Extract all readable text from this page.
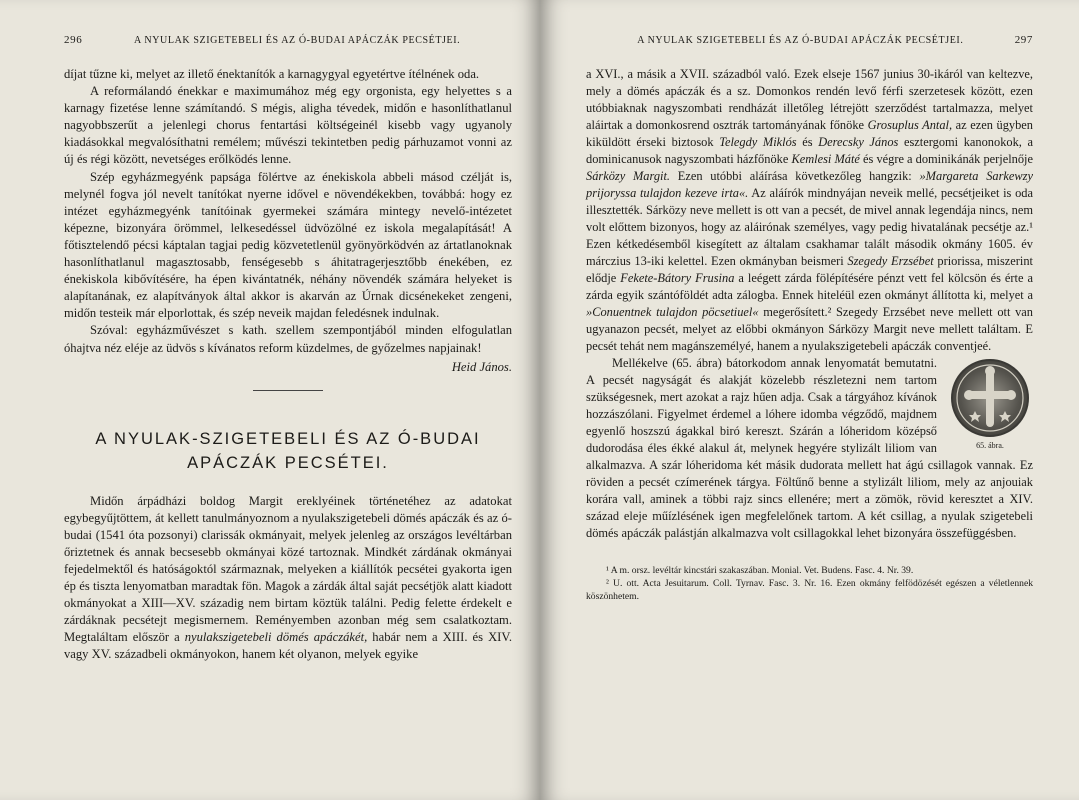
296	A NYULAK SZIGETEBELI ÉS AZ Ó-BUDAI APÁCZÁK PECSÉTJEI.

díjat tűzne ki, melyet az illető énektanítók a karnagygyal egyetértve ítélnének oda.

A reformálandó énekkar e maximumához még egy orgonista, egy helyettes s a karnagy fizetése lenne számítandó. S mégis, aligha tévedek, midőn e hasonlíthatlanul nagyobbszerűt a jelenlegi chorus fentartási költségeinél kisebb vagy ugyanoly kiadásokkal megvalósíthatni remélem; művészi tekintetben pedig párhuzamot vonni az új és régi között, nevetséges erőlködés lenne.

Szép egyházmegyénk papsága fölértve az énekiskola abbeli másod czélját is, melynél fogva jól nevelt tanítókat nyerne idővel e növendékekben, továbbá: hogy ez intézet egyházmegyénk tanítóinak gyermekei számára mintegy nevelő-intézetet képezne, bizonyára örömmel, lelkesedéssel üdvözölné ez iskola megalapítását! A főtisztelendő pécsi káptalan tagjai pedig közvetetlenül gyönyörködvén az ártatlanoknak hasonlíthatlanul magasztosabb, fenségesebb s áhitatragerjesztőbb énekében, ez énekiskola kibővítésére, ha épen kivántatnék, néhány növendék számára helyeket is alapítanának, ez alapítványok által akkor is akarván az Úrnak dicsénekeket zengeni, midőn testeik már elporlottak, és szép neveik majdan feledésnek indulnak.

Szóval: egyházművészet s kath. szellem szempontjából minden elfogulatlan óhajtva néz eléje az üdvös s kívánatos reform küzdelmes, de győzelmes napjainak!

Heid János.
A NYULAK-SZIGETEBELI ÉS AZ Ó-BUDAI
APÁCZÁK PECSÉTEI.

Midőn árpádházi boldog Margit ereklyéinek történetéhez az adatokat egybegyűjtöttem, át kellett tanulmányoznom a nyulakszigetebeli dömés apáczák és az ó-budai (1541 óta pozsonyi) clarissák okmányait, melyek jelenleg az országos levéltárban őriztetnek és annak becsesebb okmányai közé tartoznak. Mindkét zárdának okmányai fejedelmektől és hatóságoktól származnak, melyeken a kiállítók pecsétei gyakorta igen ép és tiszta lenyomatban maradtak fön. Magok a zárdák által saját pecsétjök alatt kiadott okmányokat a XIII—XV. századig nem birtam köztük találni. Pedig felette érdekelt e zárdáknak pecsétejt megismernem. Reményemben azonban még sem csalatkoztam. Megtaláltam először a nyulakszigetebeli dömés apáczákét, habár nem a XIII. és XIV. vagy XV. századbeli okmányokon, hanem két olyanon, melyek egyike

A NYULAK SZIGETEBELI ÉS AZ Ó-BUDAI APÁCZÁK PECSÉTJEI.	297

a XVI., a másik a XVII. századból való. Ezek elseje 1567 junius 30-ikáról van keltezve, mely a dömés apáczák és a sz. Domonkos rendén levő férfi szerzetesek között, ezen utóbbiaknak nagyszombati rendházát illetőleg létrejött szerződést tartalmazza, melyet aláirtak a domonkosrend osztrák tartományának főnöke Grosuplus Antal, az ezen ügyben kiküldött érseki biztosok Telegdy Miklós és Derecsky János esztergomi kanonokok, a dominicanusok nagyszombati házfőnöke Kemlesi Máté és végre a dominikánák perjelnője Sárközy Margit. Ezen utóbbi aláírása következőleg hangzik: »Margareta Sarkewzy prijoryssa tulajdon kezeve irta«. Az aláírók mindnyájan neveik mellé, pecsétjeiket is oda illesztették. Sárközy neve mellett is ott van a pecsét, de mivel annak legendája nincs, nem volt előttem bizonyos, hogy az aláirónak személyes, vagy pedig hivatalának pecsétje az.¹ Ezen kétkedésemből kisegített az általam csakhamar talált második okmány 1605. év márczius 13-iki kelettel. Ezen okmányban beismeri Szegedy Erzsébet priorissa, miszerint elődje Fekete-Bátory Frusina a leégett zárda fölépítésére pénzt vett fel kölcsön és érte a zárda egyik szántóföldét adta zálogba. Ennek hiteléül ezen okmányt állította ki, melyet a »Conuentnek tulajdon pöcsetiuel« megerősített.² Szegedy Erzsébet neve mellett ott van ugyanazon pecsét, melyet az előbbi okmányon Sárközy Margit neve mellett találtam. E pecsét tehát nem magánszemélyé, hanem a nyulakszigetebeli apáczák conventjeé.

65. ábra.

Mellékelve (65. ábra) bátorkodom annak lenyomatát bemutatni. A pecsét nagyságát és alakját közelebb részletezni nem tartom szükségesnek, mert azokat a rajz hűen adja. Csak a tárgyához kívánok hozzászólani. Figyelmet érdemel a lóhere idomba végződő, majdnem egyenlő hoszszú ágakkal biró kereszt. Szárán a lóheridom középső dudorodása éles ékké alakul át, melynek hegyére stylizált liliom van alkalmazva. A szár lóheridoma két másik dudorata mellett hat ágú csillagok vannak. Ez röviden a pecsét czímerének tárgya. Föltűnő benne a stylizált liliom, mely az anjouiak korára vall, aminek a többi rajz sincs ellenére; mert a zömök, rövid keresztet a XIV. század eleje műízlésének igen megfelelőnek tartom. A két csillag, a nyulak szigetebeli dömés apáczák palástján alkalmazva volt csillagokkal lehet bizonyára összefüggésben.

¹ A m. orsz. levéltár kincstári szakaszában. Monial. Vet. Budens. Fasc. 4. Nr. 39.

² U. ott. Acta Jesuitarum. Coll. Tyrnav. Fasc. 3. Nr. 16. Ezen okmány felfödözését egészen a véletlennek köszönhetem.
